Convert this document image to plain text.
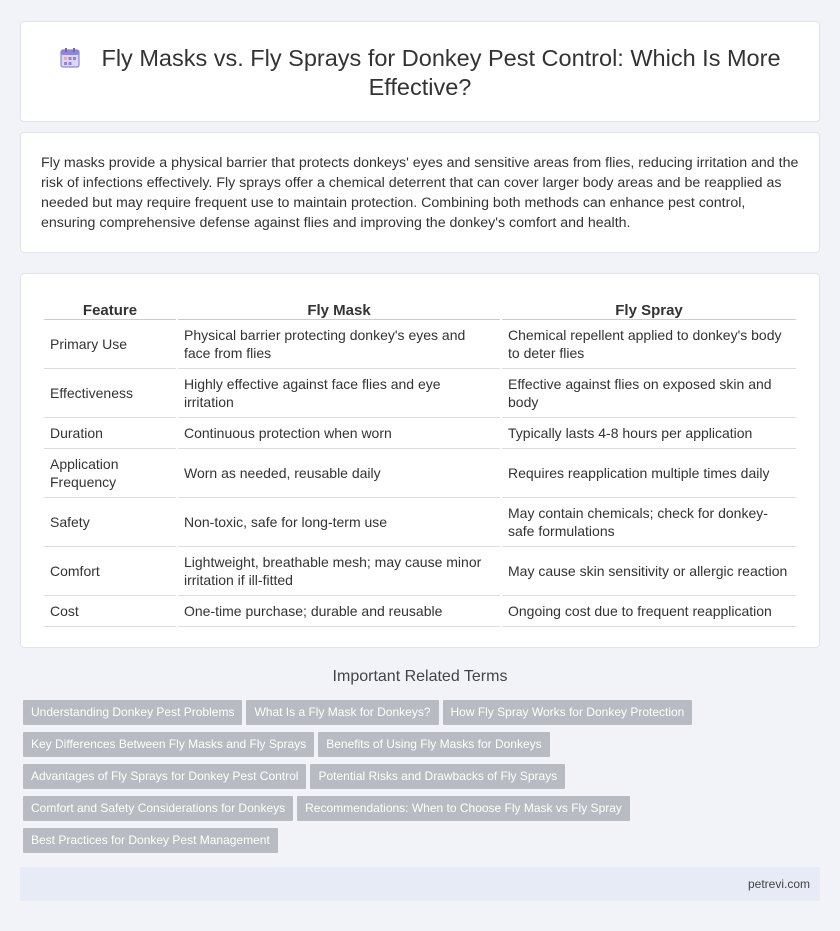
Fly Masks vs. Fly Sprays for Donkey Pest Control: Which Is More Effective?

Fly masks provide a physical barrier that protects donkeys' eyes and sensitive areas from flies, reducing irritation and the risk of infections effectively. Fly sprays offer a chemical deterrent that can cover larger body areas and be reapplied as needed but may require frequent use to maintain protection. Combining both methods can enhance pest control, ensuring comprehensive defense against flies and improving the donkey's comfort and health.

Feature	Fly Mask	Fly Spray
Primary Use	Physical barrier protecting donkey's eyes and face from flies	Chemical repellent applied to donkey's body to deter flies
Effectiveness	Highly effective against face flies and eye irritation	Effective against flies on exposed skin and body
Duration	Continuous protection when worn	Typically lasts 4-8 hours per application
Application Frequency	Worn as needed, reusable daily	Requires reapplication multiple times daily
Safety	Non-toxic, safe for long-term use	May contain chemicals; check for donkey-safe formulations
Comfort	Lightweight, breathable mesh; may cause minor irritation if ill-fitted	May cause skin sensitivity or allergic reaction
Cost	One-time purchase; durable and reusable	Ongoing cost due to frequent reapplication
Important Related Terms
Understanding Donkey Pest Problems What Is a Fly Mask for Donkeys? How Fly Spray Works for Donkey Protection Key Differences Between Fly Masks and Fly Sprays Benefits of Using Fly Masks for Donkeys Advantages of Fly Sprays for Donkey Pest Control Potential Risks and Drawbacks of Fly Sprays Comfort and Safety Considerations for Donkeys Recommendations: When to Choose Fly Mask vs Fly Spray Best Practices for Donkey Pest Management
petrevi.com
